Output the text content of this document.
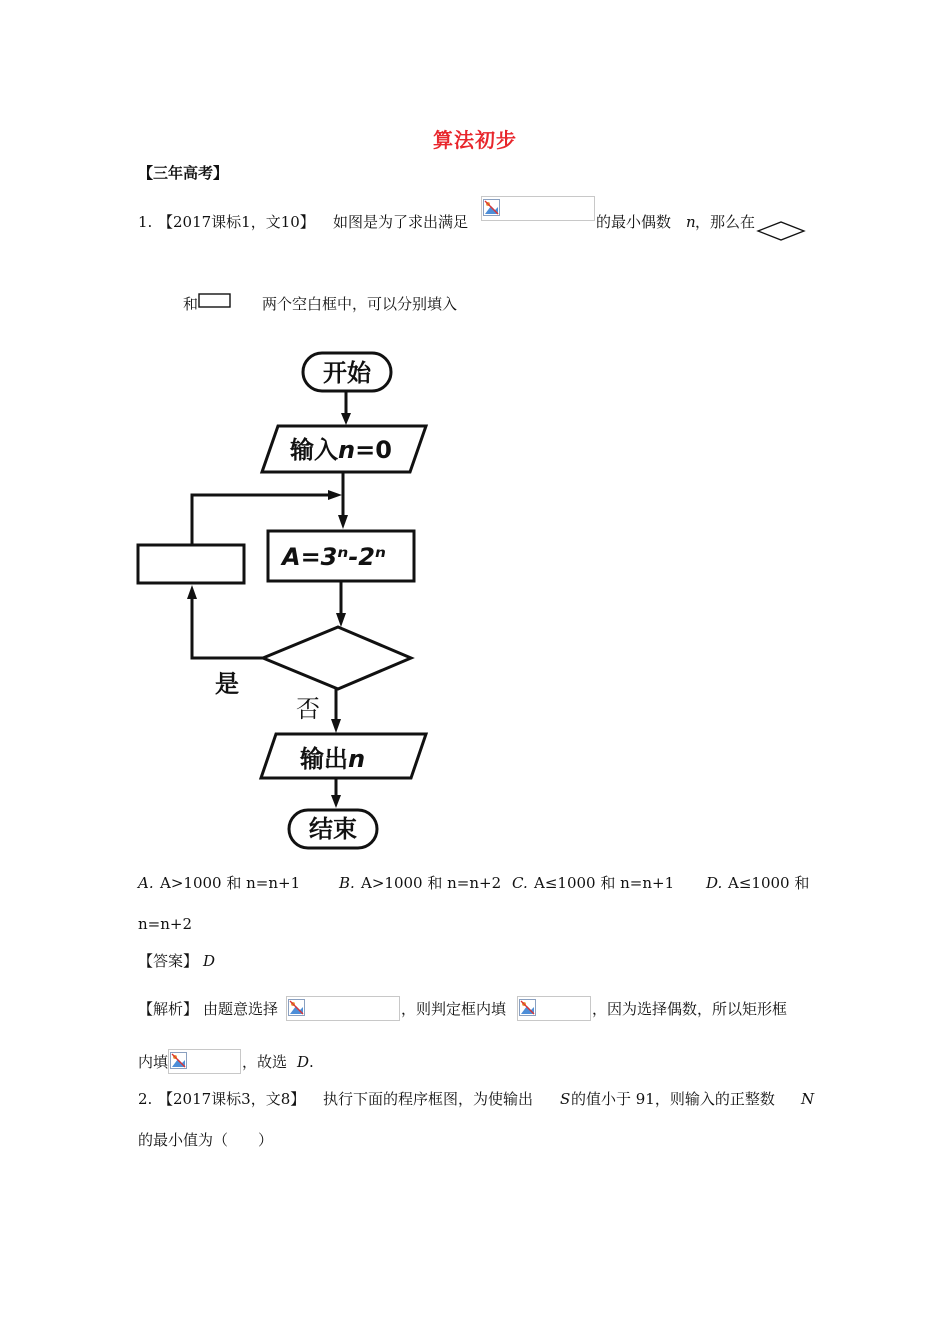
算法初步
【三年高考】
1. 【2017课标1，文10】 如图是为了求出满足	的最小偶数 n ，那么在
和	两个空白框中，可以分别填入
开始
输入n=0
A=3ⁿ-2ⁿ
是
否
输出n
结束
A. A>1000 和 n=n+1	B. A>1000 和 n=n+2 C. A≤1000 和 n=n+1 D. A≤1000 和
n=n+2
【答案】 D
【解析】 由题意选择	，则判定框内填	，因为选择偶数，所以矩形框
内填	，故选 D .
2. 【2017课标3，文8】 执行下面的程序框图，为使输出 S 的值小于 91，则输入的正整数 N
的最小值为（　　）
